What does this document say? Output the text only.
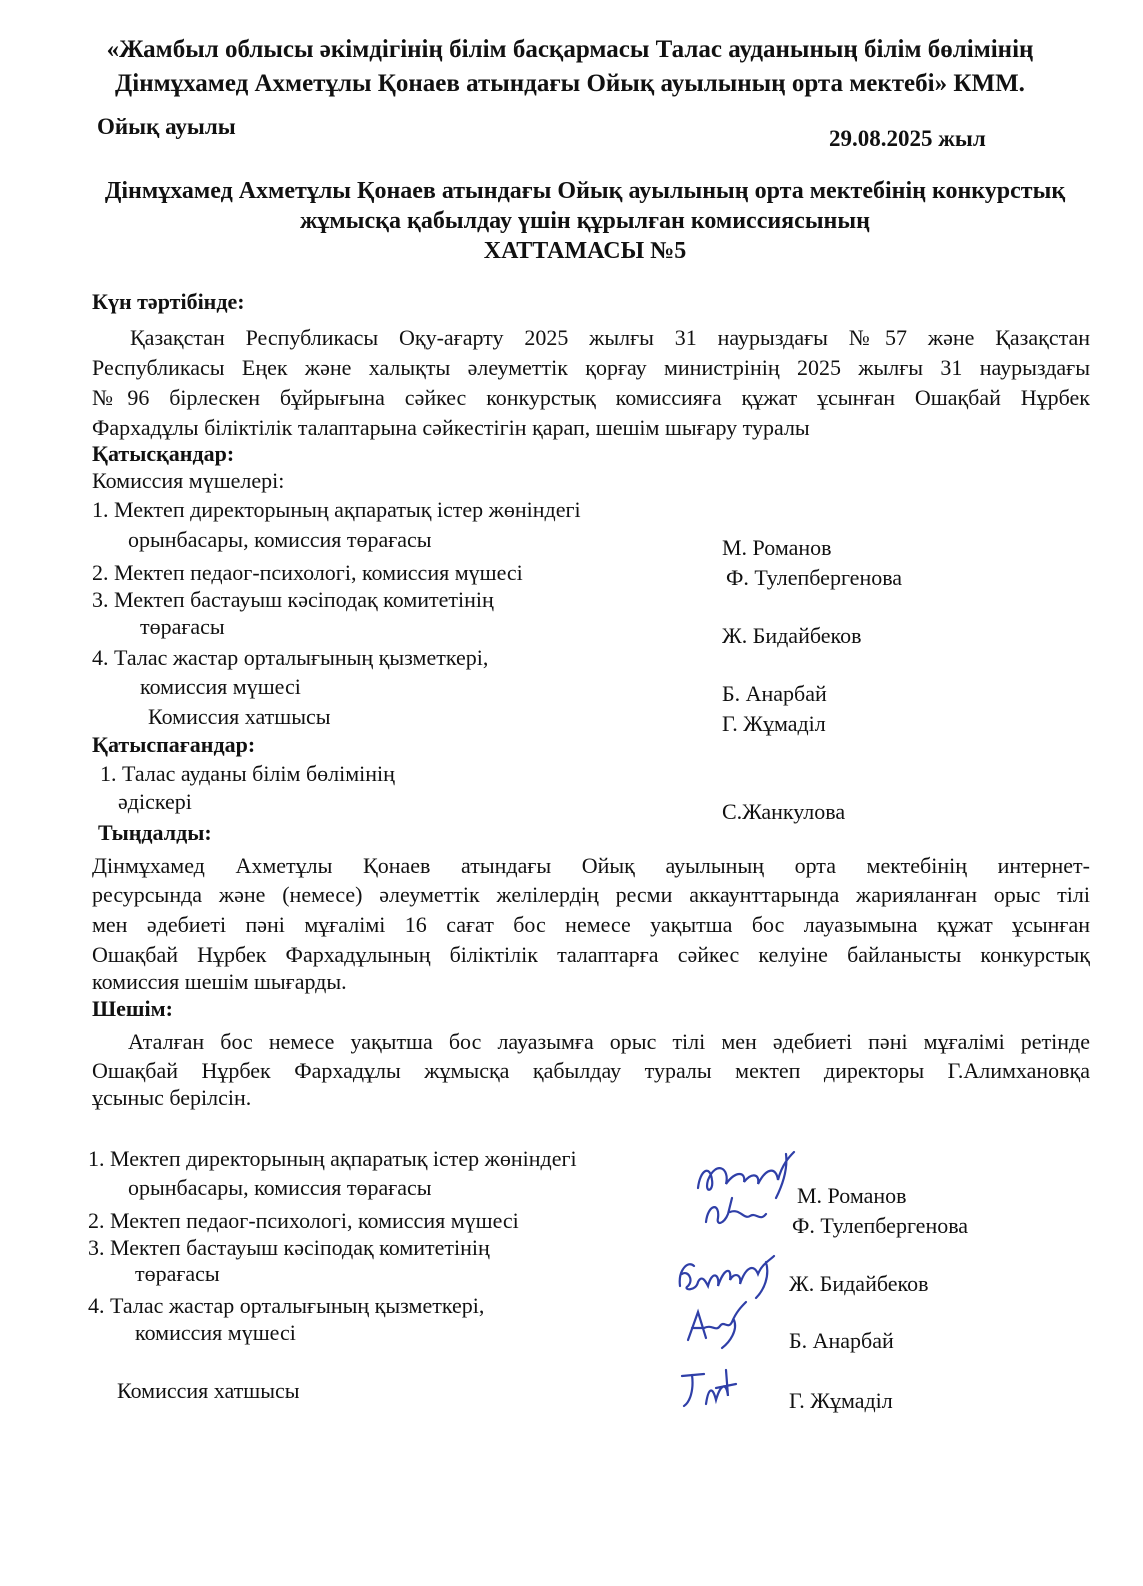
«Жамбыл облысы әкімдігінің білім басқармасы Талас ауданының білім бөлімінің
Дінмұхамед Ахметұлы Қонаев атындағы Ойық ауылының орта мектебі» КММ.
Ойық ауылы	29.08.2025 жыл
Дінмұхамед Ахметұлы Қонаев атындағы Ойық ауылының орта мектебінің конкурстық
жұмысқа қабылдау үшін құрылған комиссиясының
ХАТТАМАСЫ №5
Күн тәртібінде:
Қазақстан Республикасы Оқу-ағарту 2025 жылғы 31 наурыздағы №57 және Қазақстан
Республикасы Еңек және халықты әлеуметтік қорғау министрінің 2025 жылғы 31 наурыздағы
№96 бірлескен бұйрығына сәйкес конкурстық комиссияға құжат ұсынған Ошақбай Нұрбек
Фархадұлы біліктілік талаптарына сәйкестігін қарап, шешім шығару туралы
Қатысқандар:
Комиссия мүшелері:
1. Мектеп директорының ақпаратық істер жөніндегі
орынбасары, комиссия төрағасы	М. Романов
2. Мектеп педаог-психологі, комиссия мүшесі	Ф. Тулепбергенова
3. Мектеп бастауыш кәсіподақ комитетінің
төрағасы	Ж. Бидайбеков
4. Талас жастар орталығының қызметкері,
комиссия мүшесі	Б. Анарбай
Комиссия хатшысы	Г. Жұмаділ
Қатыспағандар:
1. Талас ауданы білім бөлімінің
әдіскері	С.Жанкулова
Тыңдалды:
Дінмұхамед Ахметұлы Қонаев атындағы Ойық ауылының орта мектебінің интернет-
ресурсында және (немесе) әлеуметтік желілердің ресми аккаунттарында жарияланған орыс тілі
мен әдебиеті пәні мұғалімі 16 сағат бос немесе уақытша бос лауазымына құжат ұсынған
Ошақбай Нұрбек Фархадұлының біліктілік талаптарға сәйкес келуіне байланысты конкурстық
комиссия шешім шығарды.
Шешім:
Аталған бос немесе уақытша бос лауазымға орыс тілі мен әдебиеті пәні мұғалімі ретінде
Ошақбай Нұрбек Фархадұлы жұмысқа қабылдау туралы мектеп директоры Г.Алимхановқа
ұсыныс берілсін.
1. Мектеп директорының ақпаратық істер жөніндегі
орынбасары, комиссия төрағасы	М. Романов
2. Мектеп педаог-психологі, комиссия мүшесі	Ф. Тулепбергенова
3. Мектеп бастауыш кәсіподақ комитетінің
төрағасы	Ж. Бидайбеков
4. Талас жастар орталығының қызметкері,
комиссия мүшесі	Б. Анарбай
Комиссия хатшысы	Г. Жұмаділ
